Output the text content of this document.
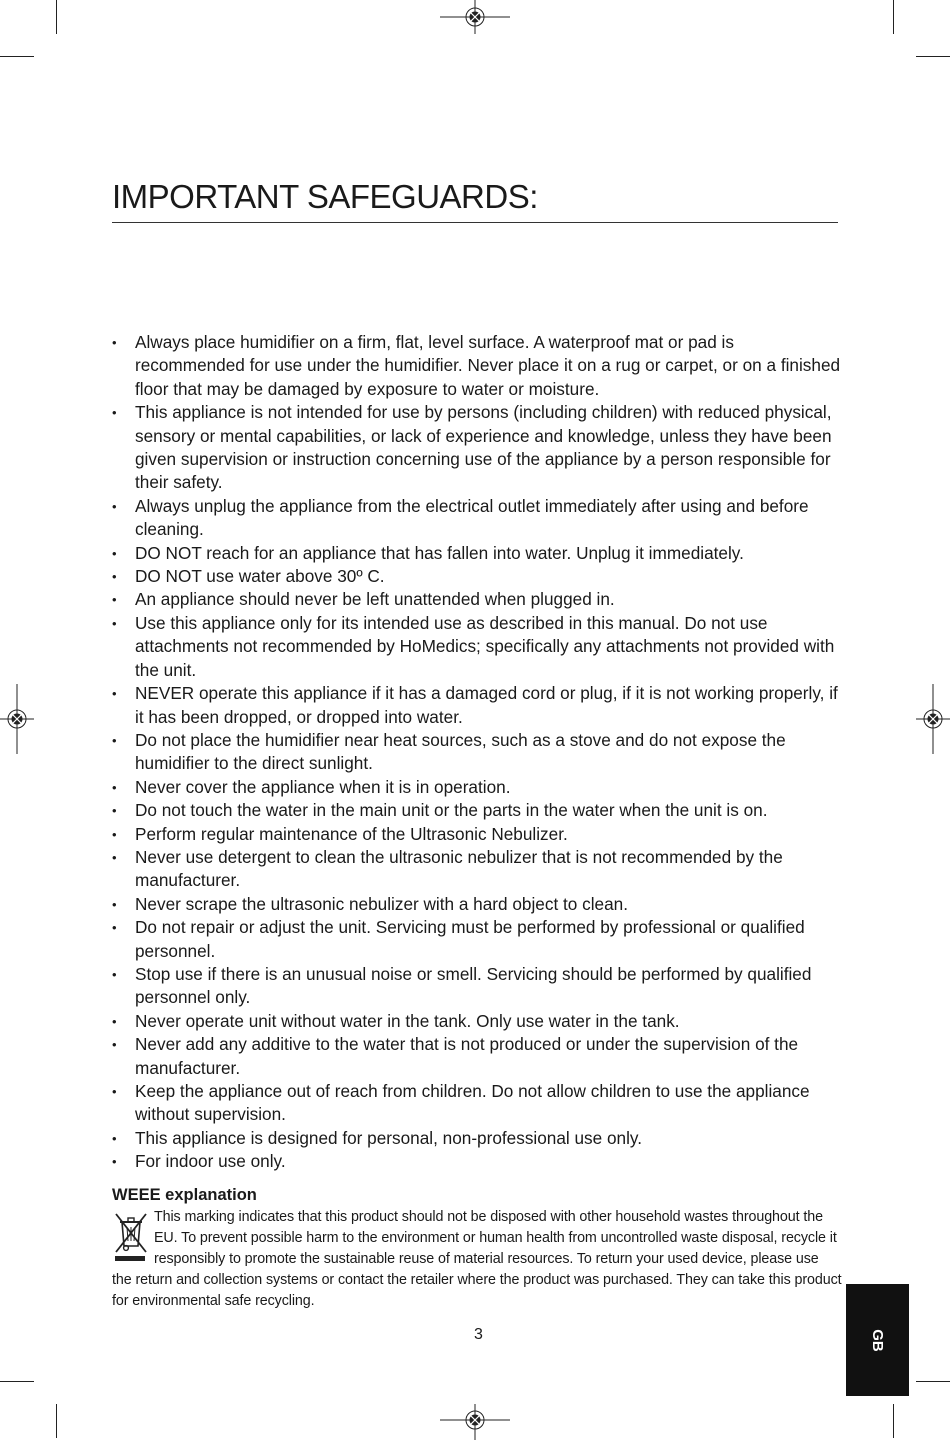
IMPORTANT SAFEGUARDS:
• Always place humidifier on a firm, flat, level surface. A waterproof mat or pad is recommended for use under the humidifier. Never place it on a rug or carpet, or on a finished floor that may be damaged by exposure to water or moisture.
• This appliance is not intended for use by persons (including children) with reduced physical, sensory or mental capabilities, or lack of experience and knowledge, unless they have been given supervision or instruction concerning use of the appliance by a person responsible for their safety.
• Always unplug the appliance from the electrical outlet immediately after using and before cleaning.
• DO NOT reach for an appliance that has fallen into water. Unplug it immediately.
• DO NOT use water above 30º C.
• An appliance should never be left unattended when plugged in.
• Use this appliance only for its intended use as described in this manual. Do not use attachments not recommended by HoMedics; specifically any attachments not provided with the unit.
• NEVER operate this appliance if it has a damaged cord or plug, if it is not working properly, if it has been dropped, or dropped into water.
• Do not place the humidifier near heat sources, such as a stove and do not expose the humidifier to the direct sunlight.
• Never cover the appliance when it is in operation.
• Do not touch the water in the main unit or the parts in the water when the unit is on.
• Perform regular maintenance of the Ultrasonic Nebulizer.
• Never use detergent to clean the ultrasonic nebulizer that is not recommended by the manufacturer.
• Never scrape the ultrasonic nebulizer with a hard object to clean.
• Do not repair or adjust the unit. Servicing must be performed by professional or qualified personnel.
• Stop use if there is an unusual noise or smell. Servicing should be performed by qualified personnel only.
• Never operate unit without water in the tank. Only use water in the tank.
• Never add any additive to the water that is not produced or under the supervision of the manufacturer.
• Keep the appliance out of reach from children. Do not allow children to use the appliance without supervision.
• This appliance is designed for personal, non-professional use only.
• For indoor use only.
WEEE explanation

This marking indicates that this product should not be disposed with other household wastes throughout the EU. To prevent possible harm to the environment or human health from uncontrolled waste disposal, recycle it responsibly to promote the sustainable reuse of material resources. To return your used device, please use the return and collection systems or contact the retailer where the product was purchased. They can take this product for environmental safe recycling.

3	GB
